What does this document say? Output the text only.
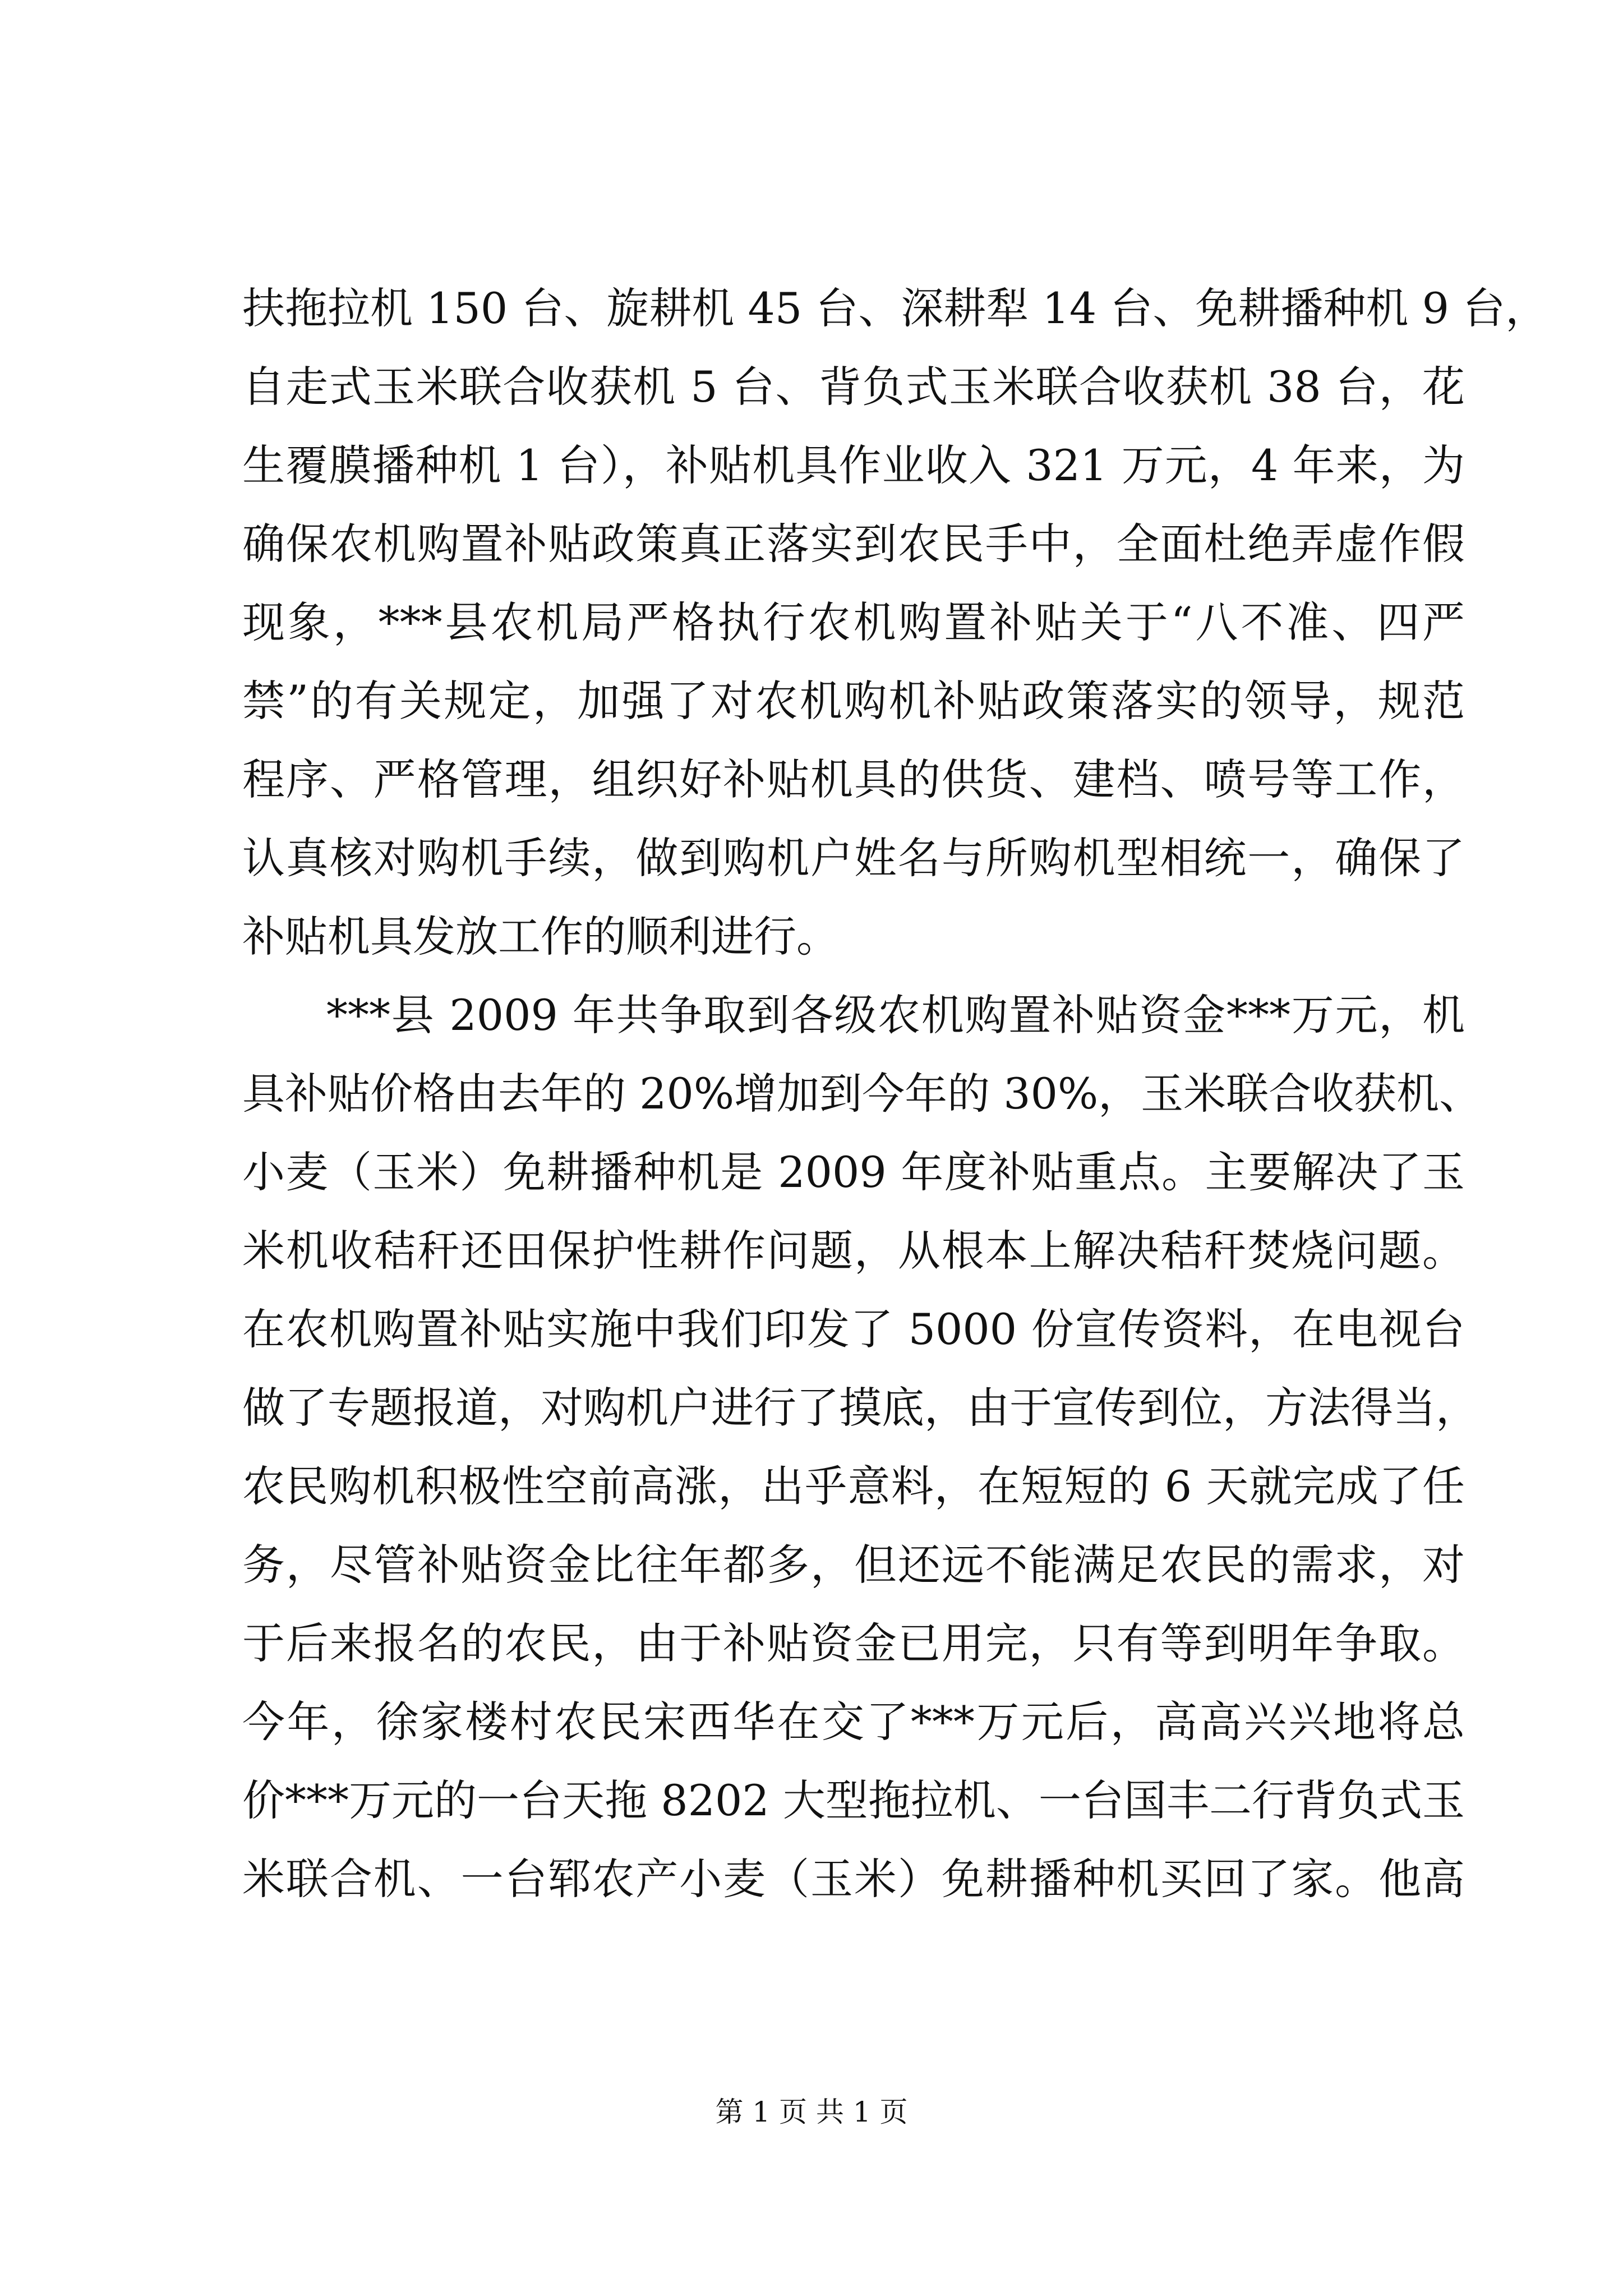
扶拖拉机 150 台、旋耕机 45 台、深耕犁 14 台、免耕播种机 9 台，
自走式玉米联合收获机 5 台、背负式玉米联合收获机 38 台，花
生覆膜播种机 1 台），补贴机具作业收入 321 万元，4 年来，为
确保农机购置补贴政策真正落实到农民手中，全面杜绝弄虚作假
现象，***县农机局严格执行农机购置补贴关于“八不准、四严
禁”的有关规定，加强了对农机购机补贴政策落实的领导，规范
程序、严格管理，组织好补贴机具的供货、建档、喷号等工作，
认真核对购机手续，做到购机户姓名与所购机型相统一，确保了
补贴机具发放工作的顺利进行。
***县 2009 年共争取到各级农机购置补贴资金***万元，机
具补贴价格由去年的 20%增加到今年的 30%，玉米联合收获机、
小麦（玉米）免耕播种机是 2009 年度补贴重点。主要解决了玉
米机收秸秆还田保护性耕作问题，从根本上解决秸秆焚烧问题。
在农机购置补贴实施中我们印发了 5000 份宣传资料，在电视台
做了专题报道，对购机户进行了摸底，由于宣传到位，方法得当，
农民购机积极性空前高涨，出乎意料，在短短的 6 天就完成了任
务，尽管补贴资金比往年都多，但还远不能满足农民的需求，对
于后来报名的农民，由于补贴资金已用完，只有等到明年争取。
今年，徐家楼村农民宋西华在交了***万元后，高高兴兴地将总
价***万元的一台天拖 8202 大型拖拉机、一台国丰二行背负式玉
米联合机、一台郓农产小麦（玉米）免耕播种机买回了家。他高
第 1 页 共 1 页
